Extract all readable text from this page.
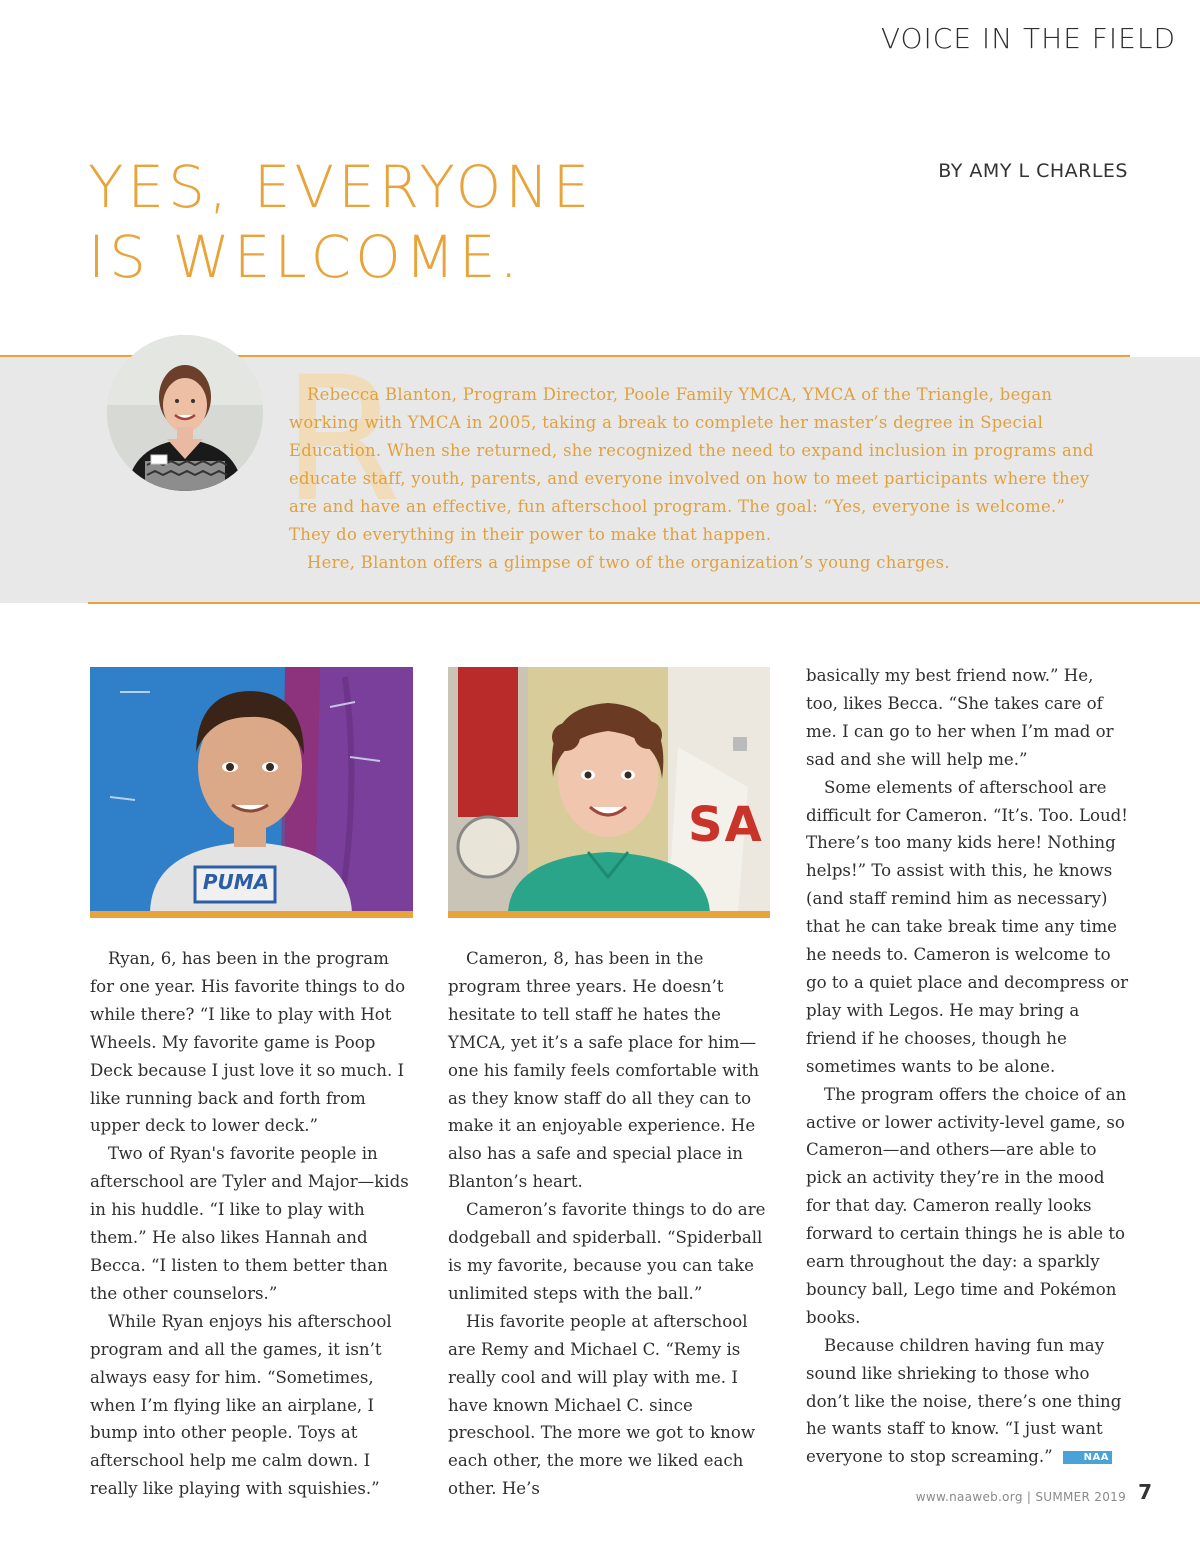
VOICE IN THE FIELD
YES, EVERYONE
IS WELCOME.
BY AMY L CHARLES
R

Rebecca Blanton, Program Director, Poole Family YMCA, YMCA of the Triangle, began working with YMCA in 2005, taking a break to complete her master’s degree in Special Education. When she returned, she recognized the need to expand inclusion in programs and educate staff, youth, parents, and everyone involved on how to meet participants where they are and have an effective, fun afterschool program. The goal: “Yes, everyone is welcome.” They do everything in their power to make that happen.

Here, Blanton offers a glimpse of two of the organization’s young charges.

PUMA
SA

Ryan, 6, has been in the program for one year. His favorite things to do while there? “I like to play with Hot Wheels. My favorite game is Poop Deck because I just love it so much. I like running back and forth from upper deck to lower deck.”

Two of Ryan's favorite people in afterschool are Tyler and Major—kids in his huddle. “I like to play with them.” He also likes Hannah and Becca. “I listen to them better than the other counselors.”

While Ryan enjoys his afterschool program and all the games, it isn’t always easy for him. “Sometimes, when I’m flying like an airplane, I bump into other people. Toys at afterschool help me calm down. I really like playing with squishies.”

Cameron, 8, has been in the program three years. He doesn’t hesitate to tell staff he hates the YMCA, yet it’s a safe place for him—one his family feels comfortable with as they know staff do all they can to make it an enjoyable experience. He also has a safe and special place in Blanton’s heart.

Cameron’s favorite things to do are dodgeball and spiderball. “Spiderball is my favorite, because you can take unlimited steps with the ball.”

His favorite people at afterschool are Remy and Michael C. “Remy is really cool and will play with me. I have known Michael C. since preschool. The more we got to know each other, the more we liked each other. He’s

basically my best friend now.” He, too, likes Becca. “She takes care of me. I can go to her when I’m mad or sad and she will help me.”

Some elements of afterschool are difficult for Cameron. “It’s. Too. Loud! There’s too many kids here! Nothing helps!” To assist with this, he knows (and staff remind him as necessary) that he can take break time any time he needs to. Cameron is welcome to go to a quiet place and decompress or play with Legos. He may bring a friend if he chooses, though he sometimes wants to be alone.

The program offers the choice of an active or lower activity-level game, so Cameron—and others—are able to pick an activity they’re in the mood for that day. Cameron really looks forward to certain things he is able to earn throughout the day: a sparkly bouncy ball, Lego time and Pokémon books.

Because children having fun may sound like shrieking to those who don’t like the noise, there’s one thing he wants staff to know. “I just want everyone to stop screaming.”	NAA

www.naaweb.org | SUMMER 2019 7
